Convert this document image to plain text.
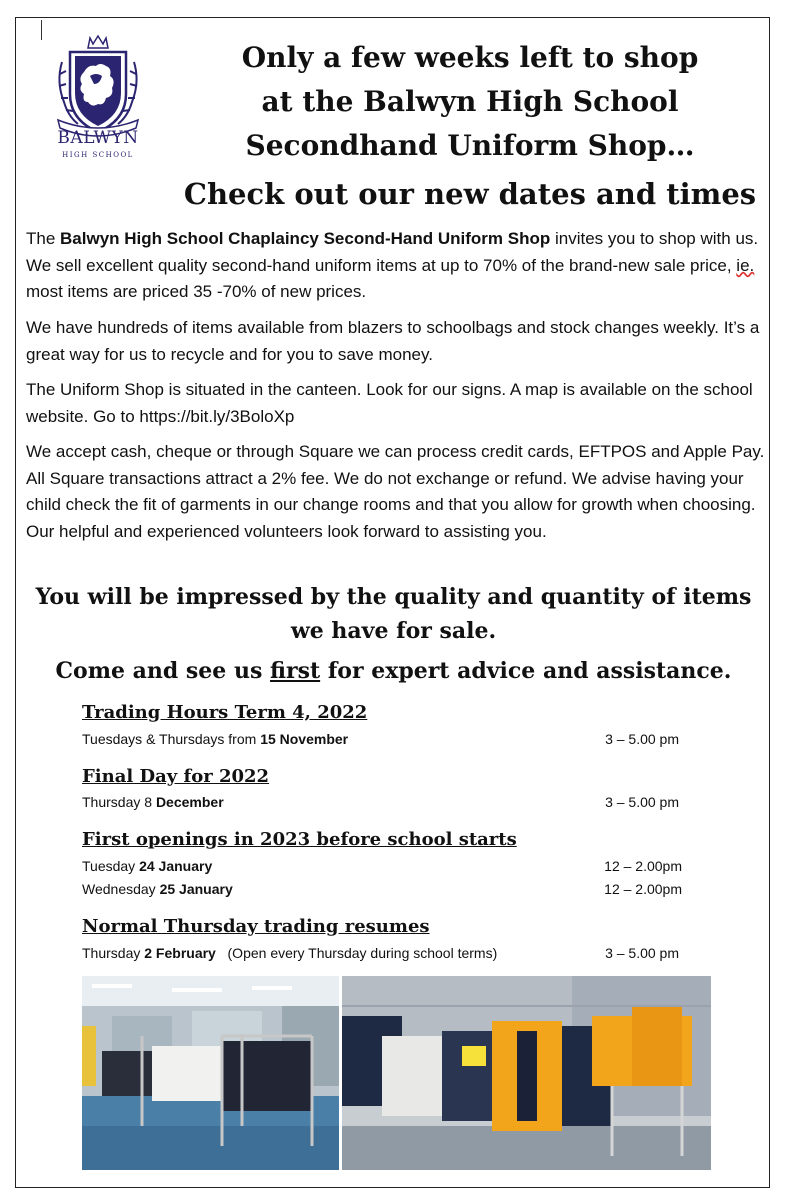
BALWYN
HIGH SCHOOL
Only a few weeks left to shop
at the Balwyn High School
Secondhand Uniform Shop…
Check out our new dates and times

The Balwyn High School Chaplaincy Second-Hand Uniform Shop invites you to shop with us. We sell excellent quality second-hand uniform items at up to 70% of the brand-new sale price, ie. most items are priced 35 -70% of new prices.

We have hundreds of items available from blazers to schoolbags and stock changes weekly. It’s a great way for us to recycle and for you to save money.

The Uniform Shop is situated in the canteen. Look for our signs. A map is available on the school website. Go to https://bit.ly/3BoloXp

We accept cash, cheque or through Square we can process credit cards, EFTPOS and Apple Pay. All Square transactions attract a 2% fee. We do not exchange or refund. We advise having your child check the fit of garments in our change rooms and that you allow for growth when choosing. Our helpful and experienced volunteers look forward to assisting you.

You will be impressed by the quality and quantity of items we have for sale.

Come and see us first for expert advice and assistance.

Trading Hours Term 4, 2022
Tuesdays & Thursdays from 15 November	3 – 5.00 pm
Final Day for 2022
Thursday 8 December	3 – 5.00 pm
First openings in 2023 before school starts
Tuesday 24 January	12 – 2.00pm
Wednesday 25 January	12 – 2.00pm
Normal Thursday trading resumes
Thursday 2 February   (Open every Thursday during school terms)	3 – 5.00 pm
